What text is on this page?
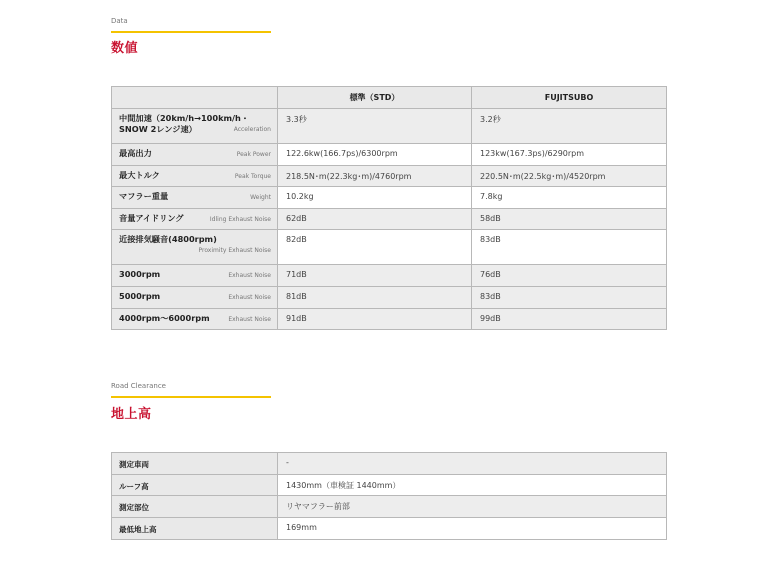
Data
数値
	標準（STD）	FUJITSUBO
中間加速（20km/h→100km/h・SNOW 2レンジ速） Acceleration	3.3秒	3.2秒

最高出力 Peak Power	122.6kw(166.7ps)/6300rpm	123kw(167.3ps)/6290rpm

最大トルク Peak Torque	218.5N･m(22.3kg･m)/4760rpm	220.5N･m(22.5kg･m)/4520rpm

マフラー重量 Weight	10.2kg	7.8kg

音量アイドリング Idling Exhaust Noise	62dB	58dB
近接排気騒音(4800rpm)
Proximity Exhaust Noise	82dB	83dB

3000rpm Exhaust Noise	71dB	76dB

5000rpm Exhaust Noise	81dB	83dB

4000rpm〜6000rpm Exhaust Noise	91dB	99dB
Road Clearance
地上高
測定車両	-
ルーフ高	1430mm（車検証 1440mm）
測定部位	リヤマフラー前部
最低地上高	169mm
